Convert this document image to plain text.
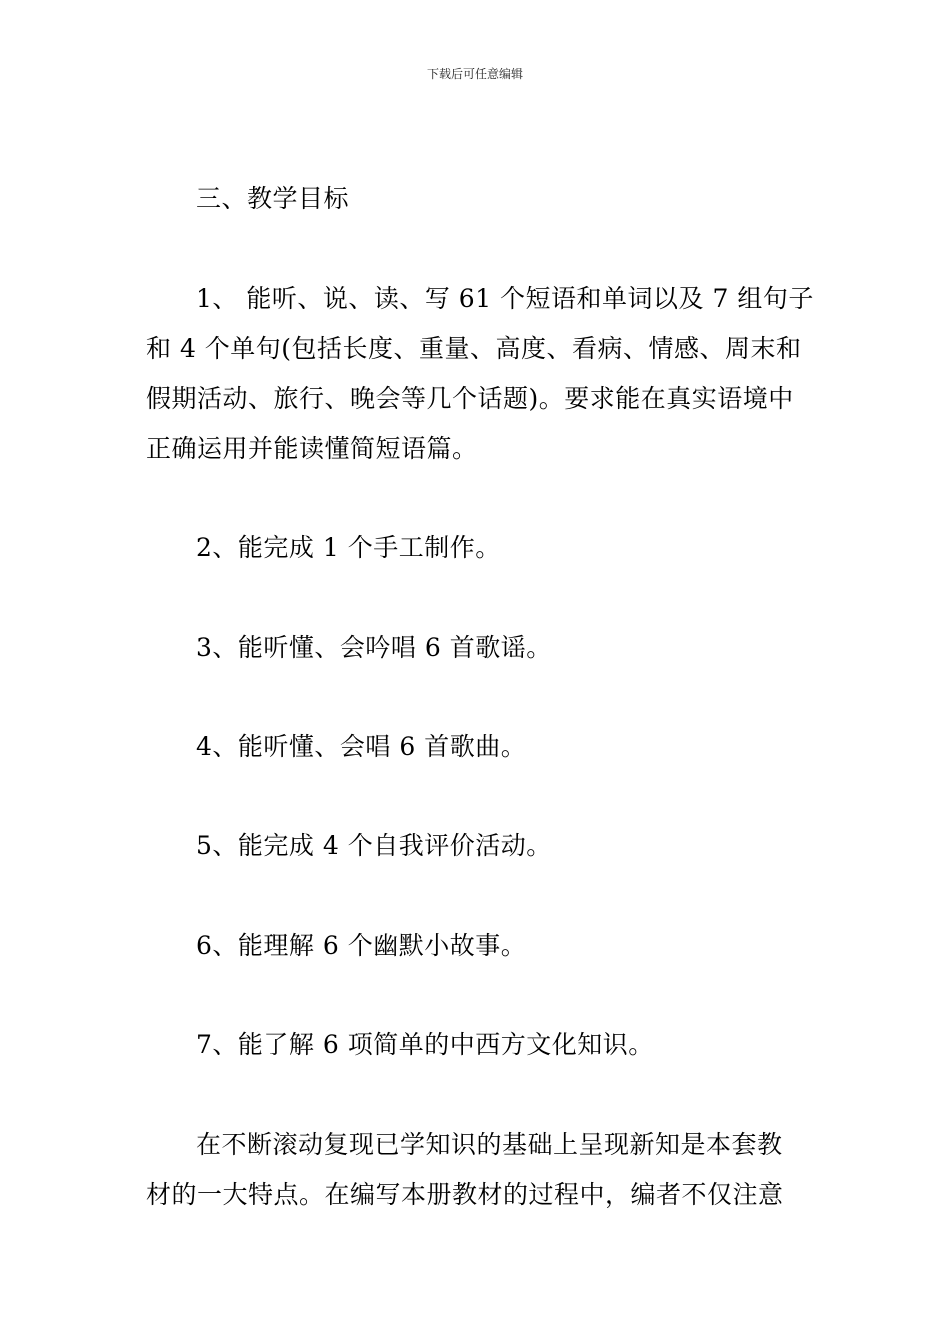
下载后可任意编辑
三、教学目标
1、 能听、说、读、写 61 个短语和单词以及 7 组句子
和 4 个单句(包括长度、重量、高度、看病、情感、周末和
假期活动、旅行、晚会等几个话题)。要求能在真实语境中
正确运用并能读懂简短语篇。
2、能完成 1 个手工制作。
3、能听懂、会吟唱 6 首歌谣。
4、能听懂、会唱 6 首歌曲。
5、能完成 4 个自我评价活动。
6、能理解 6 个幽默小故事。
7、能了解 6 项简单的中西方文化知识。
在不断滚动复现已学知识的基础上呈现新知是本套教
材的一大特点。在编写本册教材的过程中，编者不仅注意
